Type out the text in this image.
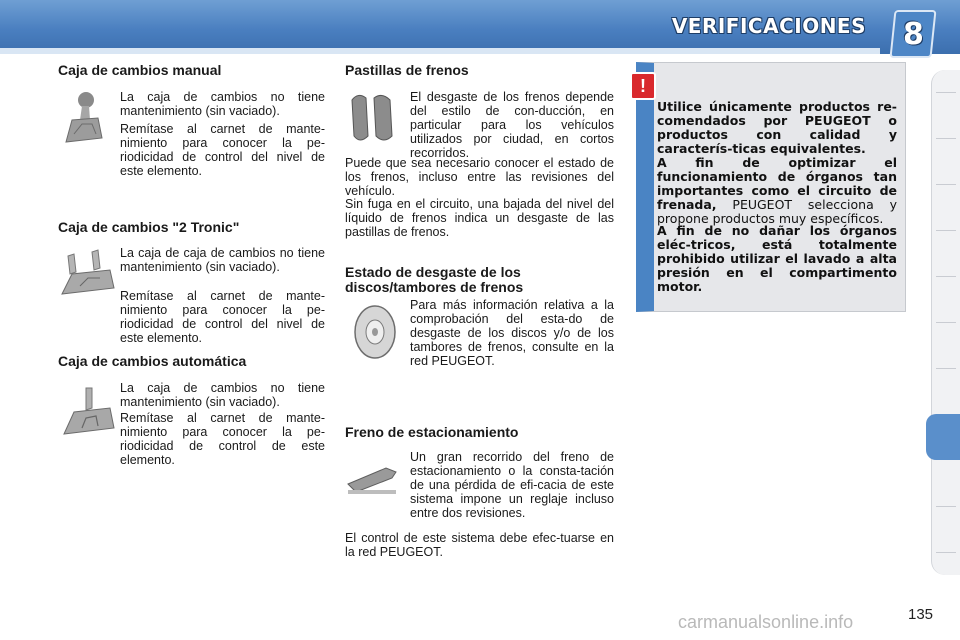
VERIFICACIONES 8
Caja de cambios manual

La caja de cambios no tiene mantenimiento (sin vaciado).

Remítase al carnet de mante-nimiento para conocer la pe-riodicidad de control del nivel de este elemento.

Caja de cambios "2 Tronic"

La caja de caja de cambios no tiene mantenimiento (sin vaciado).

Remítase al carnet de mante-nimiento para conocer la pe-riodicidad de control del nivel de este elemento.

Caja de cambios automática

La caja de cambios no tiene mantenimiento (sin vaciado).

Remítase al carnet de mante-nimiento para conocer la pe-riodicidad de control de este elemento.

Pastillas de frenos

El desgaste de los frenos depende del estilo de con-ducción, en particular para los vehículos utilizados por ciudad, en cortos recorridos.

Puede que sea necesario conocer el estado de los frenos, incluso entre las revisiones del vehículo.

Sin fuga en el circuito, una bajada del nivel del líquido de frenos indica un desgaste de las pastillas de frenos.

Estado de desgaste de los
discos/tambores de frenos

Para más información relativa a la comprobación del esta-do de desgaste de los discos y/o de los tambores de frenos, consulte en la red PEUGEOT.

Freno de estacionamiento

Un gran recorrido del freno de estacionamiento o la consta-tación de una pérdida de efi-cacia de este sistema impone un reglaje incluso entre dos revisiones.

El control de este sistema debe efec-tuarse en la red PEUGEOT.

!

Utilice únicamente productos re-comendados por PEUGEOT o productos con calidad y caracterís-ticas equivalentes.

A fin de optimizar el funcionamiento de órganos tan importantes como el circuito de frenada, PEUGEOT selecciona y propone productos muy específicos.

A fin de no dañar los órganos eléc-tricos, está totalmente prohibido utilizar el lavado a alta presión en el compartimento motor.

135
carmanualsonline.info
